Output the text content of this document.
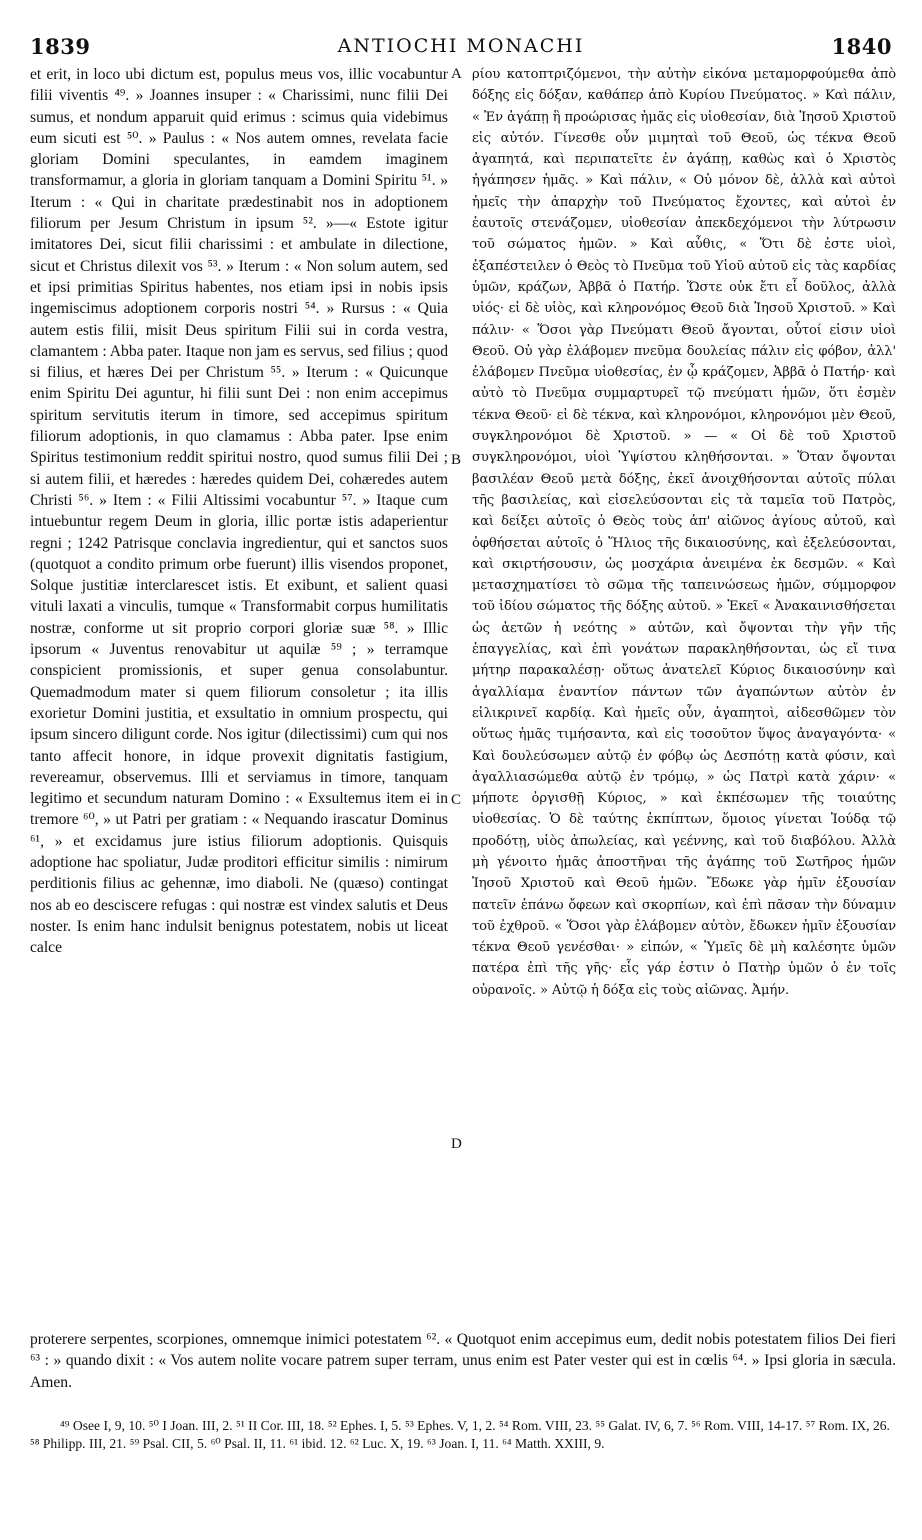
1839	ANTIOCHI MONACHI	1840

et erit, in loco ubi dictum est, populus meus vos, illic vocabuntur filii viventis ⁴⁹. » Joannes insuper : « Charissimi, nunc filii Dei sumus, et nondum apparuit quid erimus : scimus quia videbimus eum sicuti est ⁵⁰. » Paulus : « Nos autem omnes, revelata facie gloriam Domini speculantes, in eamdem imaginem transformamur, a gloria in gloriam tanquam a Domini Spiritu ⁵¹. » Iterum : « Qui in charitate prædestinabit nos in adoptionem filiorum per Jesum Christum in ipsum ⁵². »—« Estote igitur imitatores Dei, sicut filii charissimi : et ambulate in dilectione, sicut et Christus dilexit vos ⁵³. » Iterum : « Non solum autem, sed et ipsi primitias Spiritus habentes, nos etiam ipsi in nobis ipsis ingemiscimus adoptionem corporis nostri ⁵⁴. » Rursus : « Quia autem estis filii, misit Deus spiritum Filii sui in corda vestra, clamantem : Abba pater. Itaque non jam es servus, sed filius ; quod si filius, et hæres Dei per Christum ⁵⁵. » Iterum : « Quicunque enim Spiritu Dei aguntur, hi filii sunt Dei : non enim accepimus spiritum servitutis iterum in timore, sed accepimus spiritum filiorum adoptionis, in quo clamamus : Abba pater. Ipse enim Spiritus testimonium reddit spiritui nostro, quod sumus filii Dei ; si autem filii, et hæredes : hæredes quidem Dei, cohæredes autem Christi ⁵⁶. » Item : « Filii Altissimi vocabuntur ⁵⁷. » Itaque cum intuebuntur regem Deum in gloria, illic portæ istis adaperientur regni ; 1242 Patrisque conclavia ingredientur, qui et sanctos suos (quotquot a condito primum orbe fuerunt) illis visendos proponet, Solque justitiæ interclarescet istis. Et exibunt, et salient quasi vituli laxati a vinculis, tumque « Transformabit corpus humilitatis nostræ, conforme ut sit proprio corpori gloriæ suæ ⁵⁸. » Illic ipsorum « Juventus renovabitur ut aquilæ ⁵⁹ ; » terramque conspicient promissionis, et super genua consolabuntur. Quemadmodum mater si quem filiorum consoletur ; ita illis exorietur Domini justitia, et exsultatio in omnium prospectu, qui ipsum sincero diligunt corde. Nos igitur (dilectissimi) cum qui nos tanto affecit honore, in idque provexit dignitatis fastigium, revereamur, observemus. Illi et serviamus in timore, tanquam legitimo et secundum naturam Domino : « Exsultemus item ei in tremore ⁶⁰, » ut Patri per gratiam : « Nequando irascatur Dominus ⁶¹, » et excidamus jure istius filiorum adoptionis. Quisquis adoptione hac spoliatur, Judæ proditori efficitur similis : nimirum perditionis filius ac gehennæ, imo diaboli. Ne (quæso) contingat nos ab eo desciscere refugas : qui nostræ est vindex salutis et Deus noster. Is enim hanc indulsit benignus potestatem, nobis ut liceat calce

ρίου κατοπτριζόμενοι, τὴν αὐτὴν εἰκόνα μεταμορφούμεθα ἀπὸ δόξης εἰς δόξαν, καθάπερ ἀπὸ Κυρίου Πνεύματος. » Καὶ πάλιν, « Ἐν ἀγάπῃ ἣ προώρισας ἡμᾶς εἰς υἱοθεσίαν, διὰ Ἰησοῦ Χριστοῦ εἰς αὐτόν. Γίνεσθε οὖν μιμηταὶ τοῦ Θεοῦ, ὡς τέκνα Θεοῦ ἀγαπητά, καὶ περιπατεῖτε ἐν ἀγάπῃ, καθὼς καὶ ὁ Χριστὸς ἠγάπησεν ἡμᾶς. » Καὶ πάλιν, « Οὐ μόνον δὲ, ἀλλὰ καὶ αὐτοὶ ἡμεῖς τὴν ἀπαρχὴν τοῦ Πνεύματος ἔχοντες, καὶ αὐτοὶ ἐν ἑαυτοῖς στενάζομεν, υἱοθεσίαν ἀπεκδεχόμενοι τὴν λύτρωσιν τοῦ σώματος ἡμῶν. » Καὶ αὖθις, « Ὅτι δὲ ἐστε υἱοὶ, ἐξαπέστειλεν ὁ Θεὸς τὸ Πνεῦμα τοῦ Υἱοῦ αὐτοῦ εἰς τὰς καρδίας ὑμῶν, κράζων, Ἀββᾶ ὁ Πατήρ. Ὥστε οὐκ ἔτι εἶ δοῦλος, ἀλλὰ υἱός· εἰ δὲ υἱὸς, καὶ κληρονόμος Θεοῦ διὰ Ἰησοῦ Χριστοῦ. » Καὶ πάλιν· « Ὅσοι γὰρ Πνεύματι Θεοῦ ἄγονται, οὗτοί εἰσιν υἱοὶ Θεοῦ. Οὐ γὰρ ἐλάβομεν πνεῦμα δουλείας πάλιν εἰς φόβον, ἀλλ' ἐλάβομεν Πνεῦμα υἱοθεσίας, ἐν ᾧ κράζομεν, Ἀββᾶ ὁ Πατήρ· καὶ αὐτὸ τὸ Πνεῦμα συμμαρτυρεῖ τῷ πνεύματι ἡμῶν, ὅτι ἐσμὲν τέκνα Θεοῦ· εἰ δὲ τέκνα, καὶ κληρονόμοι, κληρονόμοι μὲν Θεοῦ, συγκληρονόμοι δὲ Χριστοῦ. » — « Οἱ δὲ τοῦ Χριστοῦ συγκληρονόμοι, υἱοὶ Ὑψίστου κληθήσονται. » Ὅταν ὄψονται βασιλέαν Θεοῦ μετὰ δόξης, ἐκεῖ ἀνοιχθήσονται αὐτοῖς πύλαι τῆς βασιλείας, καὶ εἰσελεύσονται εἰς τὰ ταμεῖα τοῦ Πατρὸς, καὶ δείξει αὐτοῖς ὁ Θεὸς τοὺς ἀπ' αἰῶνος ἁγίους αὐτοῦ, καὶ ὀφθήσεται αὐτοῖς ὁ Ἥλιος τῆς δικαιοσύνης, καὶ ἐξελεύσονται, καὶ σκιρτήσουσιν, ὡς μοσχάρια ἀνειμένα ἐκ δεσμῶν. « Καὶ μετασχηματίσει τὸ σῶμα τῆς ταπεινώσεως ἡμῶν, σύμμορφον τοῦ ἰδίου σώματος τῆς δόξης αὐτοῦ. » Ἐκεῖ « Ἀνακαινισθήσεται ὡς ἀετῶν ἡ νεότης » αὐτῶν, καὶ ὄψονται τὴν γῆν τῆς ἐπαγγελίας, καὶ ἐπὶ γονάτων παρακληθήσονται, ὡς εἴ τινα μήτηρ παρακαλέσῃ· οὕτως ἀνατελεῖ Κύριος δικαιοσύνην καὶ ἀγαλλίαμα ἐναντίον πάντων τῶν ἀγαπώντων αὐτὸν ἐν εἰλικρινεῖ καρδίᾳ. Καὶ ἡμεῖς οὖν, ἀγαπητοὶ, αἰδεσθῶμεν τὸν οὕτως ἡμᾶς τιμήσαντα, καὶ εἰς τοσοῦτον ὕψος ἀναγαγόντα· « Καὶ δουλεύσωμεν αὐτῷ ἐν φόβῳ ὡς Δεσπότῃ κατὰ φύσιν, καὶ ἀγαλλιασώμεθα αὐτῷ ἐν τρόμῳ, » ὡς Πατρὶ κατὰ χάριν· « μήποτε ὀργισθῇ Κύριος, » καὶ ἐκπέσωμεν τῆς τοιαύτης υἱοθεσίας. Ὁ δὲ ταύτης ἐκπίπτων, ὅμοιος γίνεται Ἰούδᾳ τῷ προδότῃ, υἱὸς ἀπωλείας, καὶ γεέννης, καὶ τοῦ διαβόλου. Ἀλλὰ μὴ γένοιτο ἡμᾶς ἀποστῆναι τῆς ἀγάπης τοῦ Σωτῆρος ἡμῶν Ἰησοῦ Χριστοῦ καὶ Θεοῦ ἡμῶν. Ἔδωκε γὰρ ἡμῖν ἐξουσίαν πατεῖν ἐπάνω ὄφεων καὶ σκορπίων, καὶ ἐπὶ πᾶσαν τὴν δύναμιν τοῦ ἐχθροῦ. « Ὅσοι γὰρ ἐλάβομεν αὐτὸν, ἔδωκεν ἡμῖν ἐξουσίαν τέκνα Θεοῦ γενέσθαι· » εἰπών, « Ὑμεῖς δὲ μὴ καλέσητε ὑμῶν πατέρα ἐπὶ τῆς γῆς· εἷς γάρ ἐστιν ὁ Πατὴρ ὑμῶν ὁ ἐν τοῖς οὐρανοῖς. » Αὐτῷ ἡ δόξα εἰς τοὺς αἰῶνας. Ἀμήν.

A
B
C
D

proterere serpentes, scorpiones, omnemque inimici potestatem ⁶². « Quotquot enim accepimus eum, dedit nobis potestatem filios Dei fieri ⁶³ : » quando dixit : « Vos autem nolite vocare patrem super terram, unus enim est Pater vester qui est in cœlis ⁶⁴. » Ipsi gloria in sæcula. Amen.

⁴⁹ Osee I, 9, 10. ⁵⁰ I Joan. III, 2. ⁵¹ II Cor. III, 18. ⁵² Ephes. I, 5. ⁵³ Ephes. V, 1, 2. ⁵⁴ Rom. VIII, 23. ⁵⁵ Galat. IV, 6, 7. ⁵⁶ Rom. VIII, 14-17. ⁵⁷ Rom. IX, 26. ⁵⁸ Philipp. III, 21. ⁵⁹ Psal. CII, 5. ⁶⁰ Psal. II, 11. ⁶¹ ibid. 12. ⁶² Luc. X, 19. ⁶³ Joan. I, 11. ⁶⁴ Matth. XXIII, 9.
